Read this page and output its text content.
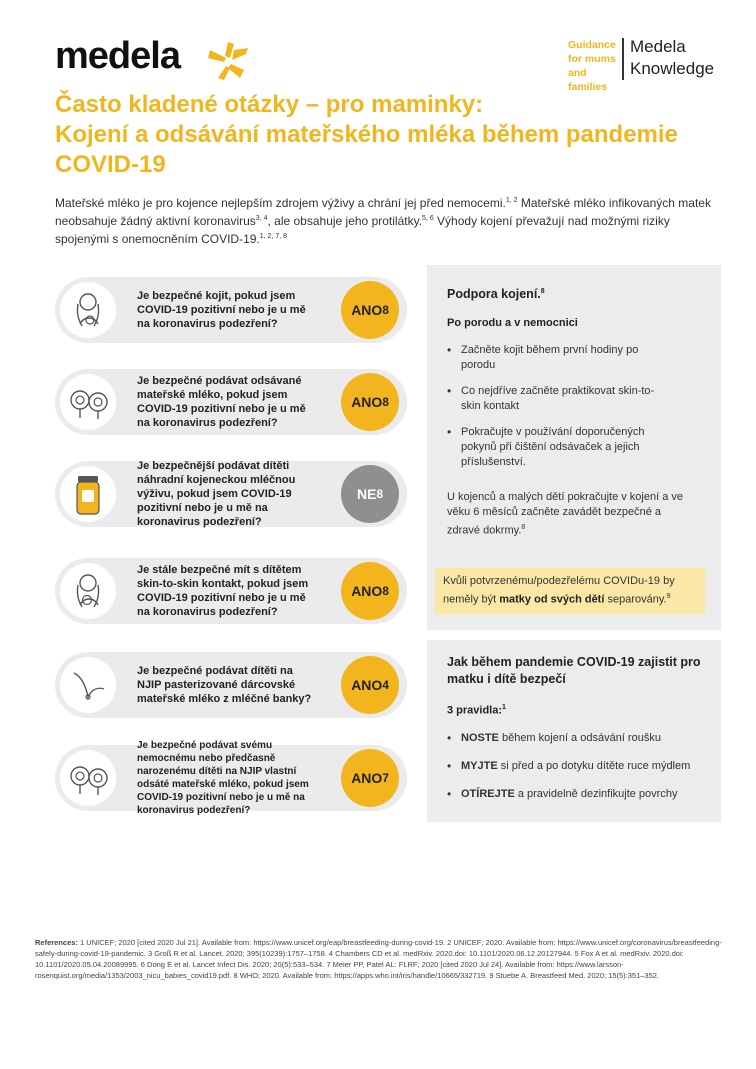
medela	Guidance for mums and families
Medela
Knowledge
Často kladené otázky – pro maminky:
Kojení a odsávání mateřského mléka během pandemie
COVID-19
Mateřské mléko je pro kojence nejlepším zdrojem výživy a chrání jej před nemocemi.$^{1, 2}$ Mateřské mléko infikovaných matek neobsahuje žádný aktivní koronavirus$^{3, 4}$, ale obsahuje jeho protilátky.$^{5, 6}$ Výhody kojení převažují nad možnými riziky spojenými s onemocněním COVID-19.$^{1, 2, 7, 8}$
Je bezpečné kojit, pokud jsem COVID-19 pozitivní nebo je u mě na koronavirus podezření?
ANO 8
Je bezpečné podávat odsávané mateřské mléko, pokud jsem COVID-19 pozitivní nebo je u mě na koronavirus podezření?
ANO 8
Je bezpečnější podávat dítěti náhradní kojeneckou mléčnou výživu, pokud jsem COVID-19 pozitivní nebo je u mě na koronavirus podezření?
NE 8
Je stále bezpečné mít s dítětem skin-to-skin kontakt, pokud jsem COVID-19 pozitivní nebo je u mě na koronavirus podezření?
ANO 8
Je bezpečné podávat dítěti na NJIP pasterizované dárcovské mateřské mléko z mléčné banky?
ANO 4
Je bezpečné podávat svému nemocnému nebo předčasně narozenému dítěti na NJIP vlastní odsáté mateřské mléko, pokud jsem COVID-19 pozitivní nebo je u mě na koronavirus podezření?
ANO 7
Podpora kojení.$^8$
Po porodu a v nemocnici
• Začněte kojit během první hodiny po porodu
• Co nejdříve začněte praktikovat skin-to-skin kontakt
• Pokračujte v používání doporučených pokynů při čištění odsávaček a jejich příslušenství.
U kojenců a malých dětí pokračujte v kojení a ve věku 6 měsíců začněte zavádět bezpečné a zdravé dokrmy.$^8$
Kvůli potvrzenému/podezřelému COVIDu-19 by neměly být matky od svých dětí separovány.$^9$
Jak během pandemie COVID-19 zajistit pro matku i dítě bezpečí
3 pravidla:$^1$
• NOSTE během kojení a odsávání roušku
• MYJTE si před a po dotyku dítěte ruce mýdlem
• OTÍREJTE a pravidelně dezinfikujte povrchy
References: 1 UNICEF; 2020 [cited 2020 Jul 21]. Available from: https://www.unicef.org/eap/breastfeeding-during-covid-19. 2 UNICEF; 2020. Available from: https://www.unicef.org/coronavirus/breastfeeding-safely-during-covid-19-pandemic. 3 Groß R et al. Lancet. 2020; 395(10239):1757–1758. 4 Chambers CD et al. medRxiv. 2020.doi: 10.1101/2020.06.12.20127944. 5 Fox A et al. medRxiv. 2020.doi: 10.1101/2020.05.04.20089995. 6 Dong E et al. Lancet Infect Dis. 2020; 20(5):533–534. 7 Meier PP, Patel AL: FLRF; 2020 [cited 2020 Jul 24]. Available from: https://www.larsson-rosenquist.org/media/1353/2003_nicu_babies_covid19.pdf. 8 WHO; 2020. Available from: https://apps.who.int/iris/handle/10665/332719. 9 Stuebe A. Breastfeed Med. 2020; 15(5):351–352.
